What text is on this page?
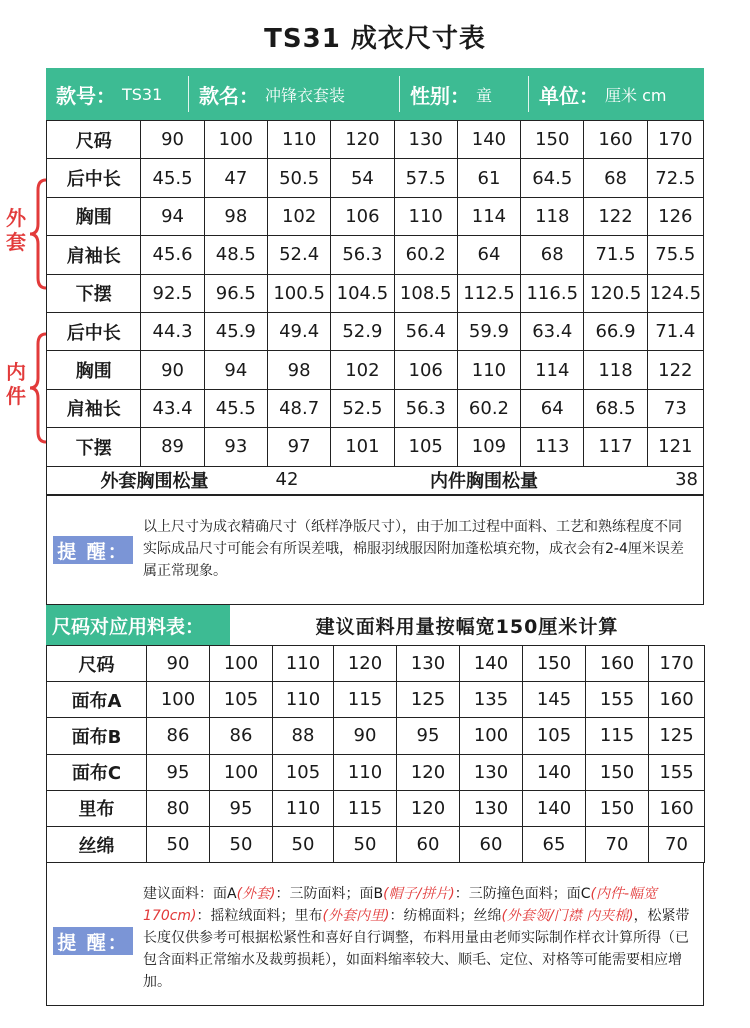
TS31 成衣尺寸表
款号： TS31 款名： 冲锋衣套装	性别： 童 单位： 厘米 cm
尺码	90	100	110	120	130	140	150	160	170
后中长	45.5	47	50.5	54	57.5	61	64.5	68	72.5
胸围	94	98	102	106	110	114	118	122	126
肩袖长	45.6	48.5	52.4	56.3	60.2	64	68	71.5	75.5
下摆	92.5	96.5	100.5	104.5	108.5	112.5	116.5	120.5	124.5
后中长	44.3	45.9	49.4	52.9	56.4	59.9	63.4	66.9	71.4
胸围	90	94	98	102	106	110	114	118	122
肩袖长	43.4	45.5	48.7	52.5	56.3	60.2	64	68.5	73
下摆	89	93	97	101	105	109	113	117	121
外套
内件
外套胸围松量	42	内件胸围松量	38
提 醒：
以上尺寸为成衣精确尺寸（纸样净版尺寸），由于加工过程中面料、工艺和熟练程度不同实际成品尺寸可能会有所误差哦，棉服羽绒服因附加蓬松填充物，成衣会有2-4厘米误差属正常现象。
尺码对应用料表：	建议面料用量按幅宽150厘米计算
尺码	90	100	110	120	130	140	150	160	170
面布A	100	105	110	115	125	135	145	155	160
面布B	86	86	88	90	95	100	105	115	125
面布C	95	100	105	110	120	130	140	150	155
里布	80	95	110	115	120	130	140	150	160
丝绵	50	50	50	50	60	60	65	70	70
提 醒：
建议面料：面A(外套)：三防面料；面B(帽子/拼片)：三防撞色面料；面C(内件-幅宽170cm)：摇粒绒面料；里布(外套内里)：纺棉面料；丝绵(外套领/门襟 内夹棉)，松紧带长度仅供参考可根据松紧性和喜好自行调整，布料用量由老师实际制作样衣计算所得（已包含面料正常缩水及裁剪损耗），如面料缩率较大、顺毛、定位、对格等可能需要相应增加。
